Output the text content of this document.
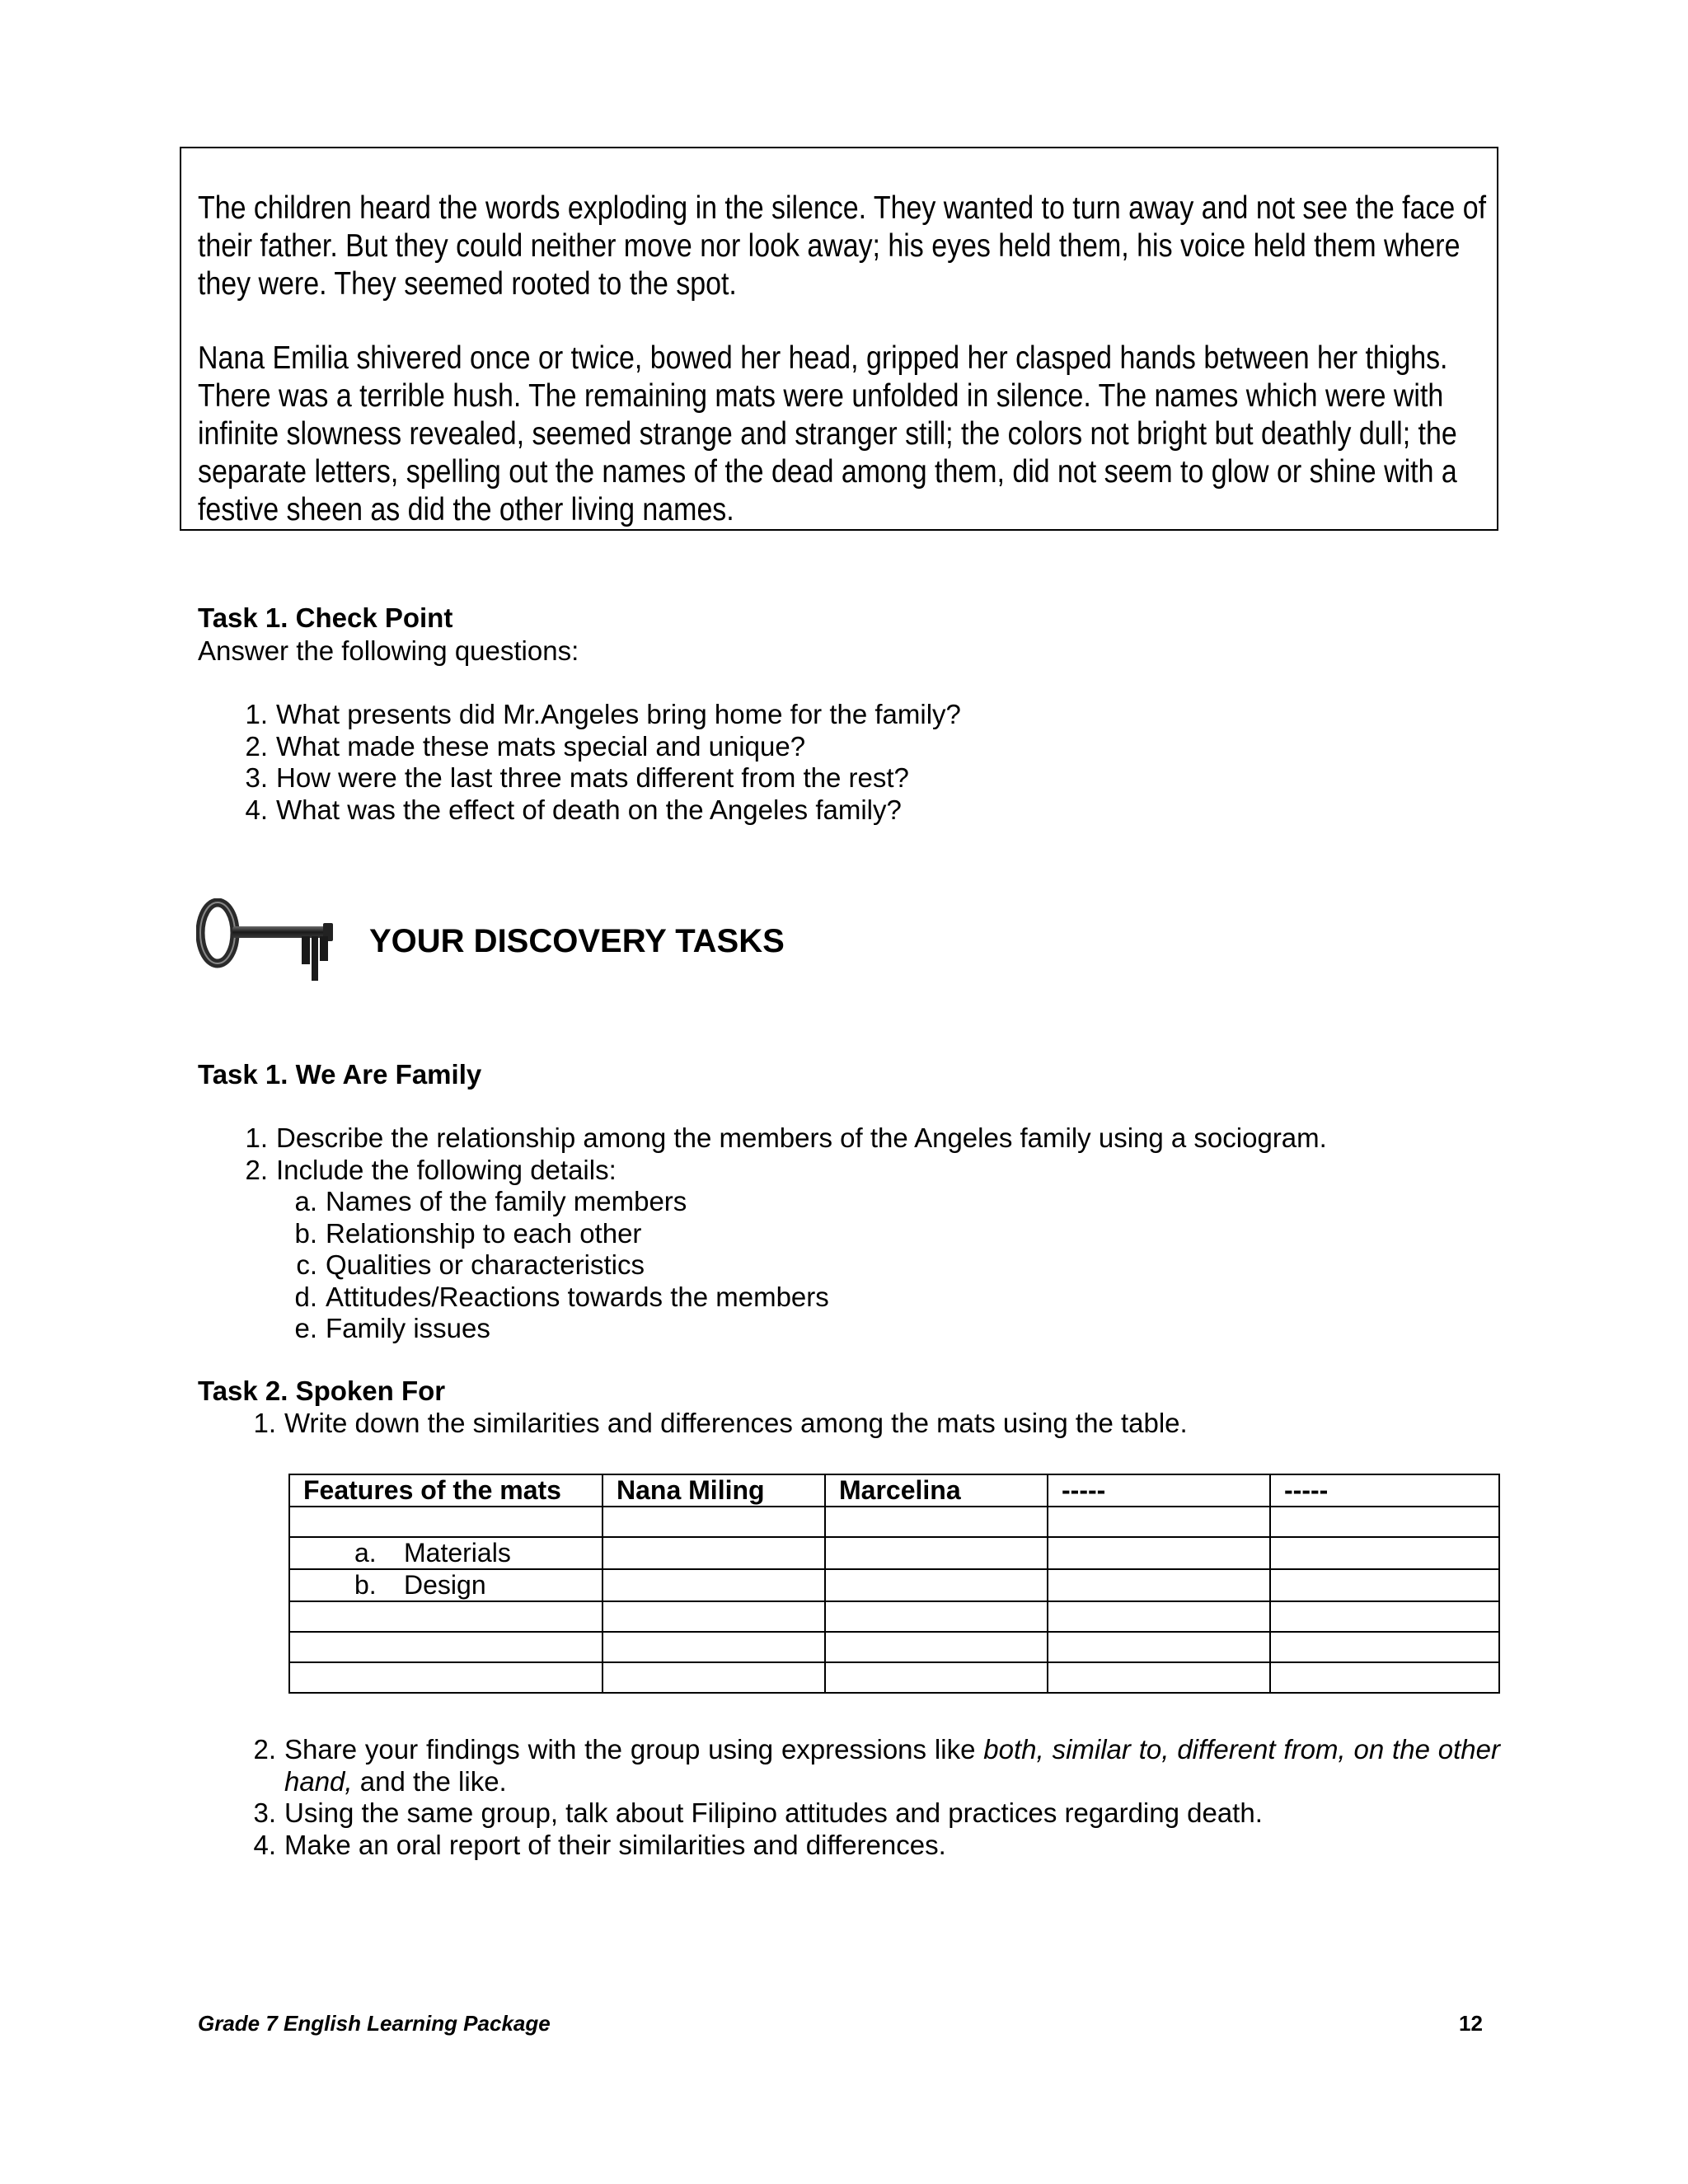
The children heard the words exploding in the silence. They wanted to turn away and not see the face of their father. But they could neither move nor look away; his eyes held them, his voice held them where they were. They seemed rooted to the spot.

Nana Emilia shivered once or twice, bowed her head, gripped her clasped hands between her thighs. There was a terrible hush. The remaining mats were unfolded in silence. The names which were with infinite slowness revealed, seemed strange and stranger still; the colors not bright but deathly dull; the separate letters, spelling out the names of the dead among them, did not seem to glow or shine with a festive sheen as did the other living names.

Task 1. Check Point
Answer the following questions:
1. What presents did Mr.Angeles bring home for the family?
2. What made these mats special and unique?
3. How were the last three mats different from the rest?
4. What was the effect of death on the Angeles family?
YOUR DISCOVERY TASKS
Task 1. We Are Family
1. Describe the relationship among the members of the Angeles family using a sociogram.
2. Include the following details:
a. Names of the family members
b. Relationship to each other
c. Qualities or characteristics
d. Attitudes/Reactions towards the members
e. Family issues
Task 2. Spoken For
1. Write down the similarities and differences among the mats using the table.
Features of the mats	Nana Miling	Marcelina	-----	-----

a. Materials				
b. Design				

2. Share your findings with the group using expressions like both, similar to, different from, on the other hand, and the like.
3. Using the same group, talk about Filipino attitudes and practices regarding death.
4. Make an oral report of their similarities and differences.
Grade 7 English Learning Package	12
